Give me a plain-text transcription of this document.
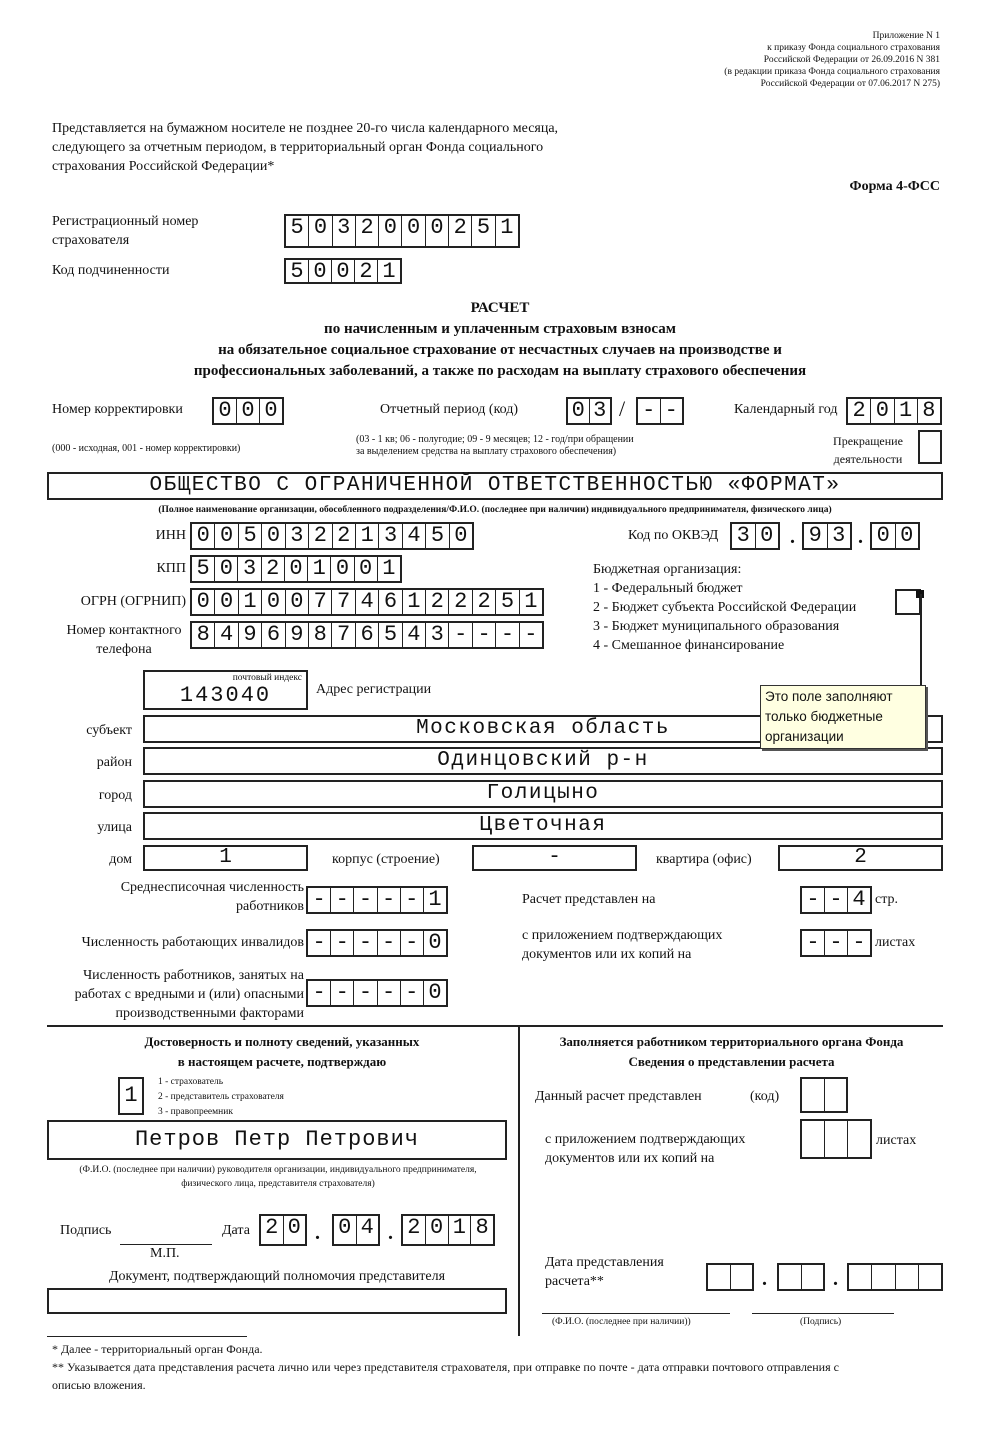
Приложение N 1
к приказу Фонда социального страхования
Российской Федерации от 26.09.2016 N 381
(в редакции приказа Фонда социального страхования
Российской Федерации от 07.06.2017 N 275)
Представляется на бумажном носителе не позднее 20-го числа календарного месяца,
следующего за отчетным периодом, в территориальный орган Фонда социального
страхования Российской Федерации*
Форма 4-ФСС
Регистрационный номер
страхователя
5 0 3 2 0 0 0 2 5 1
Код подчиненности	5 0 0 2 1
РАСЧЕТ
по начисленным и уплаченным страховым взносам
на обязательное социальное страхование от несчастных случаев на производстве и
профессиональных заболеваний, а также по расходам на выплату страхового обеспечения
Номер корректировки 0 0 0
(000 - исходная, 001 - номер корректировки)
Отчетный период (код) 0 3 / - -
(03 - 1 кв; 06 - полугодие; 09 - 9 месяцев; 12 - год/при обращении
за выделением средства на выплату страхового обеспечения)
Календарный год 2 0 1 8
Прекращение
деятельности
ОБЩЕСТВО С ОГРАНИЧЕННОЙ ОТВЕТСТВЕННОСТЬЮ «ФОРМАТ»
(Полное наименование организации, обособленного подразделения/Ф.И.О. (последнее при наличии) индивидуального предпринимателя, физического лица)
ИНН 0 0 5 0 3 2 2 1 3 4 5 0
КПП 5 0 3 2 0 1 0 0 1
ОГРН (ОГРНИП) 0 0 1 0 0 7 7 4 6 1 2 2 2 5 1
Номер контактного
телефона
8 4 9 6 9 8 7 6 5 4 3 - - - -
Код по ОКВЭД 3 0 . 9 3 . 0 0
Бюджетная организация:
1 - Федеральный бюджет
2 - Бюджет субъекта Российской Федерации
3 - Бюджет муниципального образования
4 - Смешанное финансирование
почтовый индекс
143040	Адрес регистрации
субъект	Московская область
район	Одинцовский р-н
город	Голицыно
улица	Цветочная
дом	1	корпус (строение)	-	квартира (офис)	2
Это поле заполняют
только бюджетные
организации
Среднесписочная численность
работников - - - - - 1
Численность работающих инвалидов - - - - - 0
Численность работников, занятых на
работах с вредными и (или) опасными
производственными факторами
- - - - - 0
Расчет представлен на	- - 4 стр.
с приложением подтверждающих
документов или их копий на	- - - листах
Достоверность и полноту сведений, указанных
в настоящем расчете, подтверждаю
1
1 - страхователь
2 - представитель страхователя
3 - правопреемник
Петров Петр Петрович
(Ф.И.О. (последнее при наличии) руководителя организации, индивидуального предпринимателя,
физического лица, представителя страхователя)
Подпись
М.П.
Дата 2 0 . 0 4 . 2 0 1 8
Документ, подтверждающий полномочия представителя
Заполняется работником территориального органа Фонда
Сведения о представлении расчета
Данный расчет представлен	(код)
с приложением подтверждающих
документов или их копий на
листах
Дата представления
расчета**	.	.
(Ф.И.О. (последнее при наличии))	(Подпись)
* Далее - территориальный орган Фонда.
** Указывается дата представления расчета лично или через представителя страхователя, при отправке по почте - дата отправки почтового отправления с
описью вложения.
